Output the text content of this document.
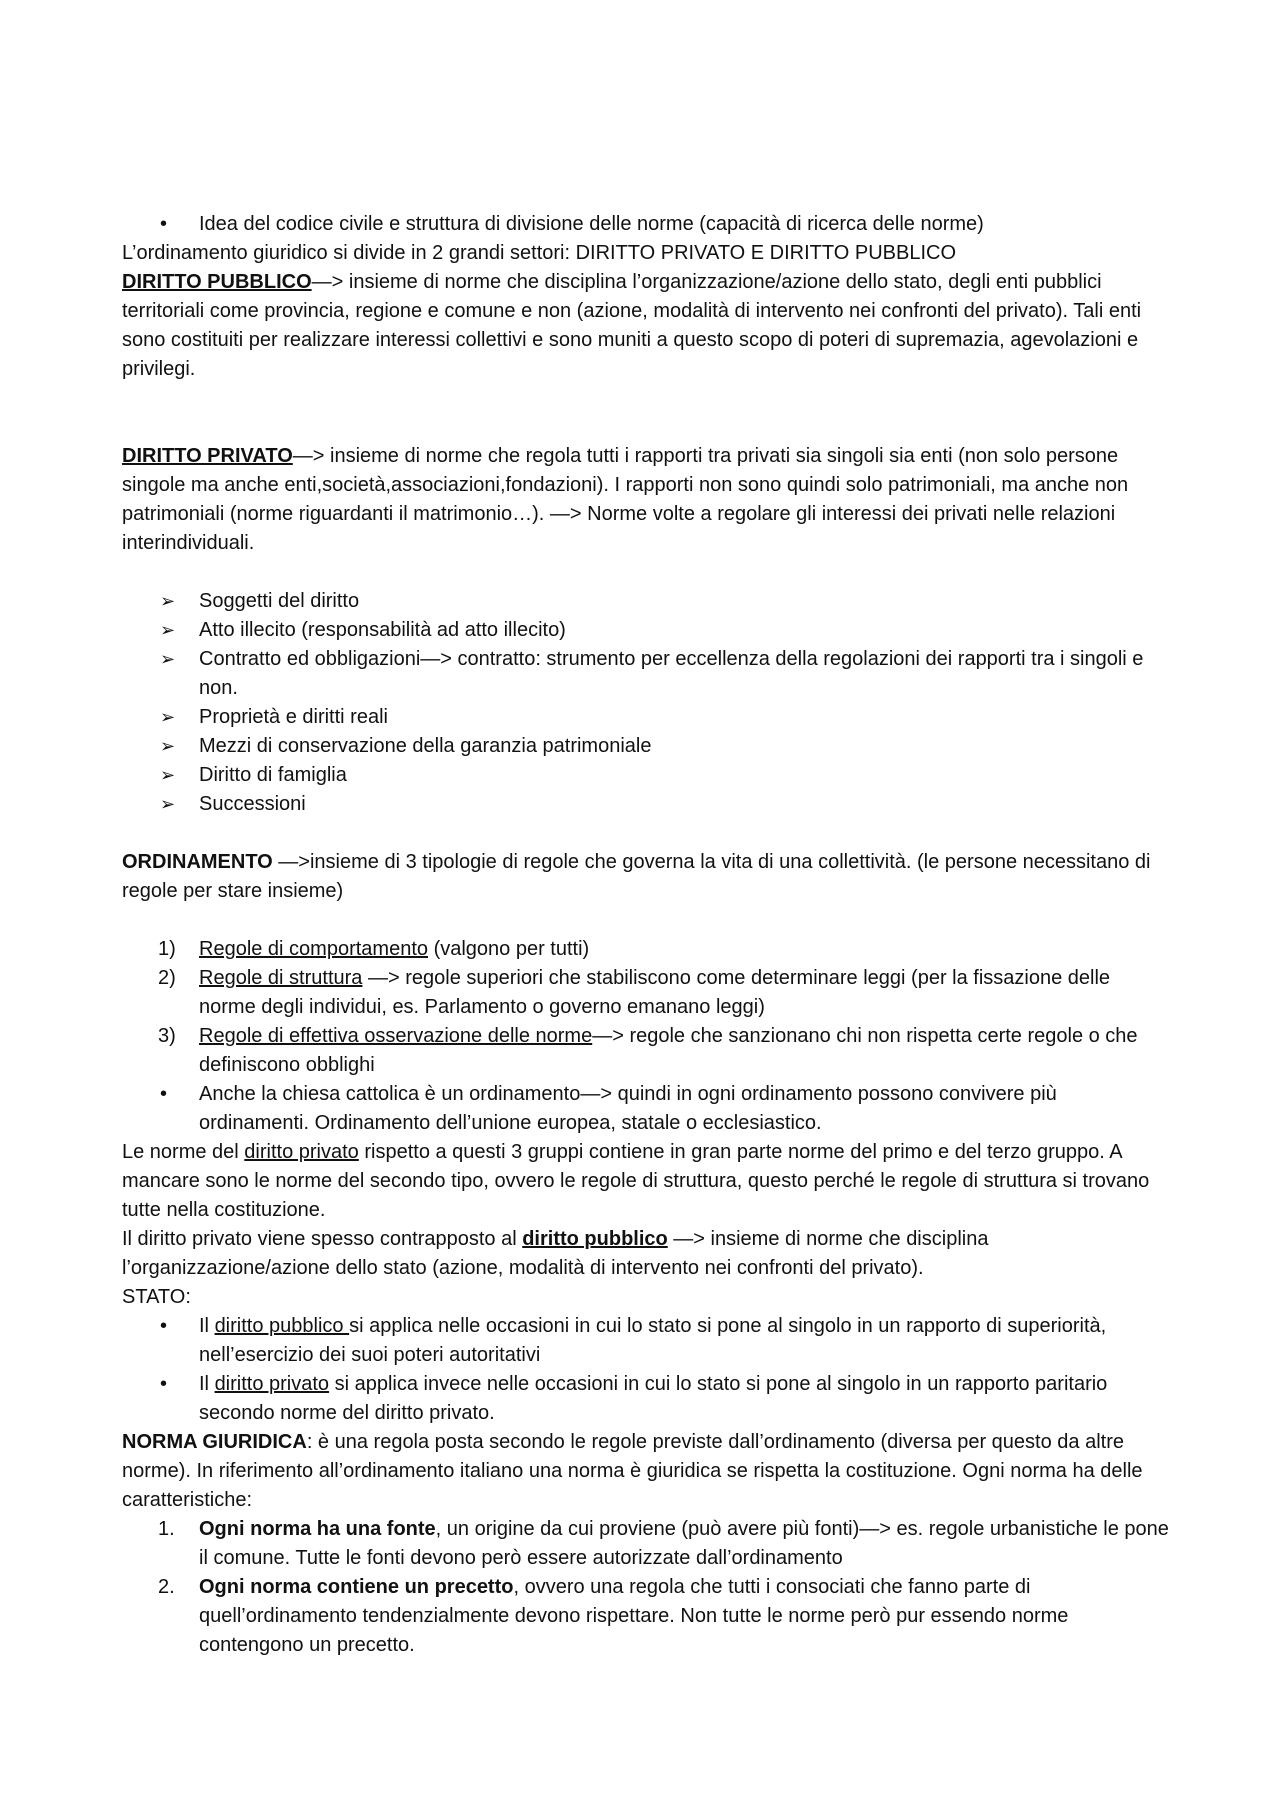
•	Idea del codice civile e struttura di divisione delle norme (capacità di ricerca delle norme)

L’ordinamento giuridico si divide in 2 grandi settori: DIRITTO PRIVATO E DIRITTO PUBBLICO

DIRITTO PUBBLICO—> insieme di norme che disciplina l’organizzazione/azione dello stato, degli enti pubblici territoriali come provincia, regione e comune e non (azione, modalità di intervento nei confronti del privato). Tali enti sono costituiti per realizzare interessi collettivi e sono muniti a questo scopo di poteri di supremazia, agevolazioni e privilegi.

DIRITTO PRIVATO—> insieme di norme che regola tutti i rapporti tra privati sia singoli sia enti (non solo persone singole ma anche enti,società,associazioni,fondazioni). I rapporti non sono quindi solo patrimoniali, ma anche non patrimoniali (norme riguardanti il matrimonio…). —> Norme volte a regolare gli interessi dei privati nelle relazioni interindividuali.

➢	Soggetti del diritto
➢	Atto illecito (responsabilità ad atto illecito)
➢	Contratto ed obbligazioni—> contratto: strumento per eccellenza della regolazioni dei rapporti tra i singoli e non.
➢	Proprietà e diritti reali
➢	Mezzi di conservazione della garanzia patrimoniale
➢	Diritto di famiglia
➢	Successioni

ORDINAMENTO —>insieme di 3 tipologie di regole che governa la vita di una collettività. (le persone necessitano di regole per stare insieme)

1)	Regole di comportamento (valgono per tutti)
2)	Regole di struttura —> regole superiori che stabiliscono come determinare leggi (per la fissazione delle norme degli individui, es. Parlamento o governo emanano leggi)
3)	Regole di effettiva osservazione delle norme—> regole che sanzionano chi non rispetta certe regole o che definiscono obblighi
•	Anche la chiesa cattolica è un ordinamento—> quindi in ogni ordinamento possono convivere più ordinamenti. Ordinamento dell’unione europea, statale o ecclesiastico.

Le norme del diritto privato rispetto a questi 3 gruppi contiene in gran parte norme del primo e del terzo gruppo. A mancare sono le norme del secondo tipo, ovvero le regole di struttura, questo perché le regole di struttura si trovano tutte nella costituzione.

Il diritto privato viene spesso contrapposto al diritto pubblico —> insieme di norme che disciplina l’organizzazione/azione dello stato (azione, modalità di intervento nei confronti del privato).

STATO:

•	Il diritto pubblico si applica nelle occasioni in cui lo stato si pone al singolo in un rapporto di superiorità, nell’esercizio dei suoi poteri autoritativi
•	Il diritto privato si applica invece nelle occasioni in cui lo stato si pone al singolo in un rapporto paritario secondo norme del diritto privato.

NORMA GIURIDICA: è una regola posta secondo le regole previste dall’ordinamento (diversa per questo da altre norme). In riferimento all’ordinamento italiano una norma è giuridica se rispetta la costituzione. Ogni norma ha delle caratteristiche:

1.	Ogni norma ha una fonte, un origine da cui proviene (può avere più fonti)—> es. regole urbanistiche le pone il comune. Tutte le fonti devono però essere autorizzate dall’ordinamento
2.	Ogni norma contiene un precetto, ovvero una regola che tutti i consociati che fanno parte di quell’ordinamento tendenzialmente devono rispettare. Non tutte le norme però pur essendo norme contengono un precetto.
